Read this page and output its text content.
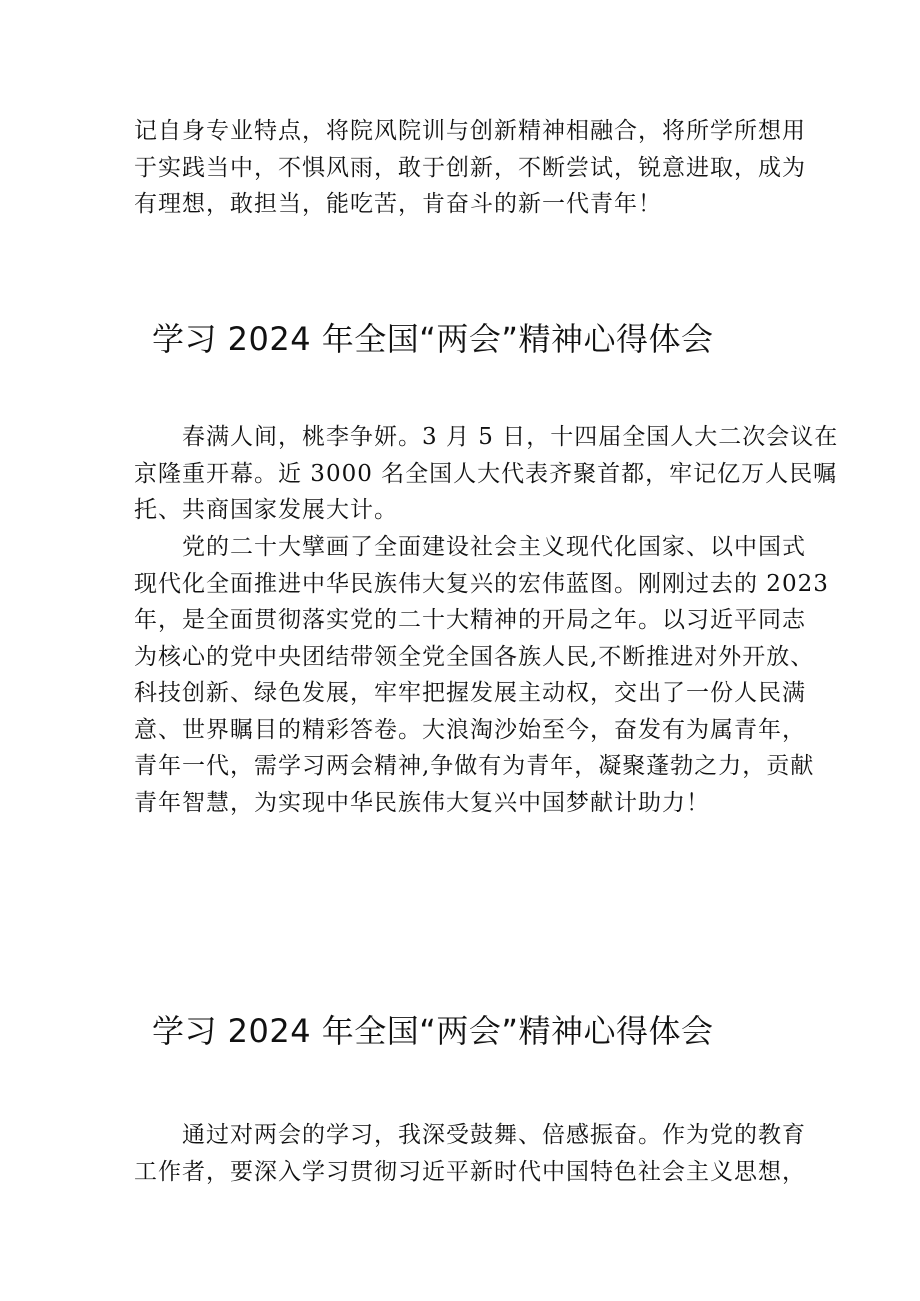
记自身专业特点，将院风院训与创新精神相融合，将所学所想用
于实践当中，不惧风雨，敢于创新，不断尝试，锐意进取，成为
有理想，敢担当，能吃苦，肯奋斗的新一代青年！

学习 2024 年全国“两会”精神心得体会

春满人间，桃李争妍。3 月 5 日，十四届全国人大二次会议在
京隆重开幕。近 3000 名全国人大代表齐聚首都，牢记亿万人民嘱
托、共商国家发展大计。

党的二十大擘画了全面建设社会主义现代化国家、以中国式
现代化全面推进中华民族伟大复兴的宏伟蓝图。刚刚过去的 2023
年，是全面贯彻落实党的二十大精神的开局之年。以习近平同志
为核心的党中央团结带领全党全国各族人民,不断推进对外开放、
科技创新、绿色发展，牢牢把握发展主动权，交出了一份人民满
意、世界瞩目的精彩答卷。大浪淘沙始至今，奋发有为属青年，
青年一代，需学习两会精神,争做有为青年，凝聚蓬勃之力，贡献
青年智慧，为实现中华民族伟大复兴中国梦献计助力！

学习 2024 年全国“两会”精神心得体会

通过对两会的学习，我深受鼓舞、倍感振奋。作为党的教育
工作者，要深入学习贯彻习近平新时代中国特色社会主义思想，
